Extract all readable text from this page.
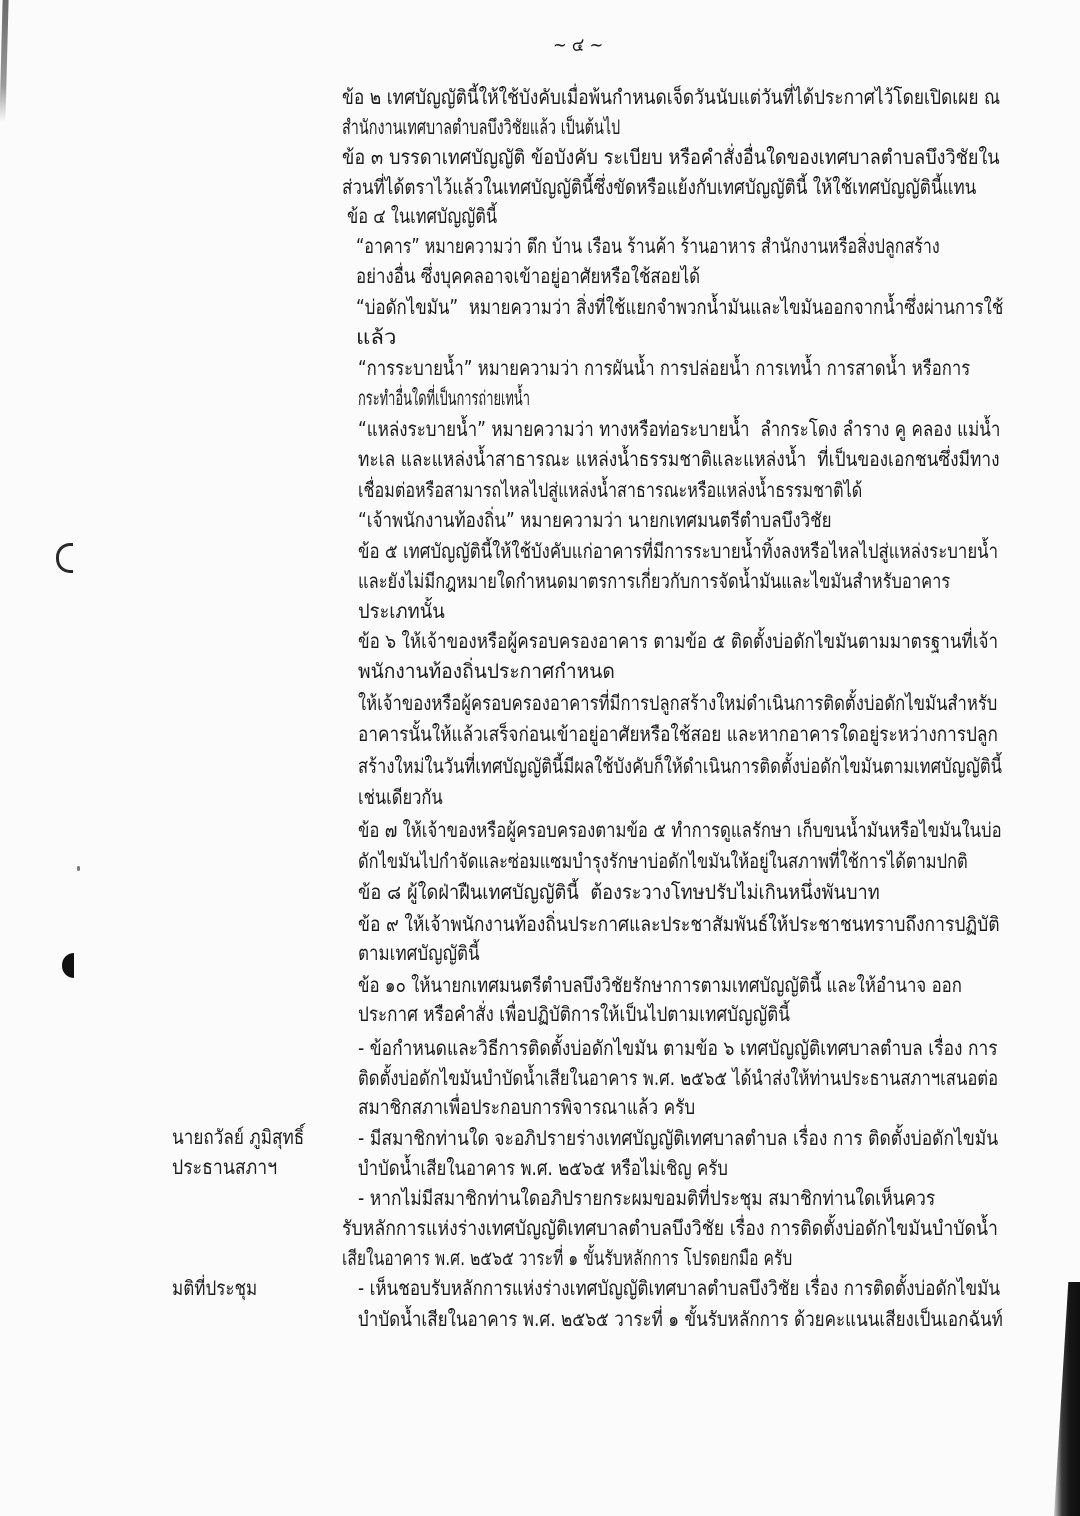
~ ๔ ~
นายถวัลย์ ภูมิสุทธิ์
ประธานสภาฯ
มติที่ประชุม
ข้อ ๒ เทศบัญญัตินี้ให้ใช้บังคับเมื่อพ้นกำหนดเจ็ดวันนับแต่วันที่ได้ประกาศไว้โดยเปิดเผย ณ
สำนักงานเทศบาลตำบลบึงวิชัยแล้ว เป็นต้นไป
ข้อ ๓ บรรดาเทศบัญญัติ ข้อบังคับ ระเบียบ หรือคำสั่งอื่นใดของเทศบาลตำบลบึงวิชัยใน
ส่วนที่ได้ตราไว้แล้วในเทศบัญญัตินี้ซึ่งขัดหรือแย้งกับเทศบัญญัตินี้ ให้ใช้เทศบัญญัตินี้แทน
ข้อ ๔ ในเทศบัญญัตินี้
“อาคาร” หมายความว่า ตึก บ้าน เรือน ร้านค้า ร้านอาหาร สำนักงานหรือสิ่งปลูกสร้าง
อย่างอื่น ซึ่งบุคคลอาจเข้าอยู่อาศัยหรือใช้สอยได้
“บ่อดักไขมัน”  หมายความว่า สิ่งที่ใช้แยกจำพวกน้ำมันและไขมันออกจากน้ำซึ่งผ่านการใช้
แล้ว
“การระบายน้ำ” หมายความว่า การผันน้ำ การปล่อยน้ำ การเทน้ำ การสาดน้ำ หรือการ
กระทำอื่นใดที่เป็นการถ่ายเทน้ำ
“แหล่งระบายน้ำ” หมายความว่า ทางหรือท่อระบายน้ำ  ลำกระโดง ลำราง คู คลอง แม่น้ำ
ทะเล และแหล่งน้ำสาธารณะ แหล่งน้ำธรรมชาติและแหล่งน้ำ  ที่เป็นของเอกชนซึ่งมีทาง
เชื่อมต่อหรือสามารถไหลไปสู่แหล่งน้ำสาธารณะหรือแหล่งน้ำธรรมชาติได้
“เจ้าพนักงานท้องถิ่น” หมายความว่า นายกเทศมนตรีตำบลบึงวิชัย
ข้อ ๕ เทศบัญญัตินี้ให้ใช้บังคับแก่อาคารที่มีการระบายน้ำทิ้งลงหรือไหลไปสู่แหล่งระบายน้ำ
และยังไม่มีกฎหมายใดกำหนดมาตรการเกี่ยวกับการจัดน้ำมันและไขมันสำหรับอาคาร
ประเภทนั้น
ข้อ ๖ ให้เจ้าของหรือผู้ครอบครองอาคาร ตามข้อ ๕ ติดตั้งบ่อดักไขมันตามมาตรฐานที่เจ้า
พนักงานท้องถิ่นประกาศกำหนด
ให้เจ้าของหรือผู้ครอบครองอาคารที่มีการปลูกสร้างใหม่ดำเนินการติดตั้งบ่อดักไขมันสำหรับ
อาคารนั้นให้แล้วเสร็จก่อนเข้าอยู่อาศัยหรือใช้สอย และหากอาคารใดอยู่ระหว่างการปลูก
สร้างใหม่ในวันที่เทศบัญญัตินี้มีผลใช้บังคับก็ให้ดำเนินการติดตั้งบ่อดักไขมันตามเทศบัญญัตินี้
เช่นเดียวกัน
ข้อ ๗ ให้เจ้าของหรือผู้ครอบครองตามข้อ ๕ ทำการดูแลรักษา เก็บขนน้ำมันหรือไขมันในบ่อ
ดักไขมันไปกำจัดและซ่อมแซมบำรุงรักษาบ่อดักไขมันให้อยู่ในสภาพที่ใช้การได้ตามปกติ
ข้อ ๘ ผู้ใดฝ่าฝืนเทศบัญญัตินี้  ต้องระวางโทษปรับไม่เกินหนึ่งพันบาท
ข้อ ๙ ให้เจ้าพนักงานท้องถิ่นประกาศและประชาสัมพันธ์ให้ประชาชนทราบถึงการปฏิบัติ
ตามเทศบัญญัตินี้
ข้อ ๑๐ ให้นายกเทศมนตรีตำบลบึงวิชัยรักษาการตามเทศบัญญัตินี้ และให้อำนาจ ออก
ประกาศ หรือคำสั่ง เพื่อปฏิบัติการให้เป็นไปตามเทศบัญญัตินี้
- ข้อกำหนดและวิธีการติดตั้งบ่อดักไขมัน ตามข้อ ๖ เทศบัญญัติเทศบาลตำบล เรื่อง การ
ติดตั้งบ่อดักไขมันบำบัดน้ำเสียในอาคาร พ.ศ. ๒๕๖๕ ได้นำส่งให้ท่านประธานสภาฯเสนอต่อ
สมาชิกสภาเพื่อประกอบการพิจารณาแล้ว ครับ
- มีสมาชิกท่านใด จะอภิปรายร่างเทศบัญญัติเทศบาลตำบล เรื่อง การ ติดตั้งบ่อดักไขมัน
บำบัดน้ำเสียในอาคาร พ.ศ. ๒๕๖๕ หรือไม่เชิญ ครับ
- หากไม่มีสมาชิกท่านใดอภิปรายกระผมขอมติที่ประชุม สมาชิกท่านใดเห็นควร
รับหลักการแห่งร่างเทศบัญญัติเทศบาลตำบลบึงวิชัย เรื่อง การติดตั้งบ่อดักไขมันบำบัดน้ำ
เสียในอาคาร พ.ศ. ๒๕๖๕ วาระที่ ๑ ขั้นรับหลักการ โปรดยกมือ ครับ
- เห็นชอบรับหลักการแห่งร่างเทศบัญญัติเทศบาลตำบลบึงวิชัย เรื่อง การติดตั้งบ่อดักไขมัน
บำบัดน้ำเสียในอาคาร พ.ศ. ๒๕๖๕ วาระที่ ๑ ขั้นรับหลักการ ด้วยคะแนนเสียงเป็นเอกฉันท์
